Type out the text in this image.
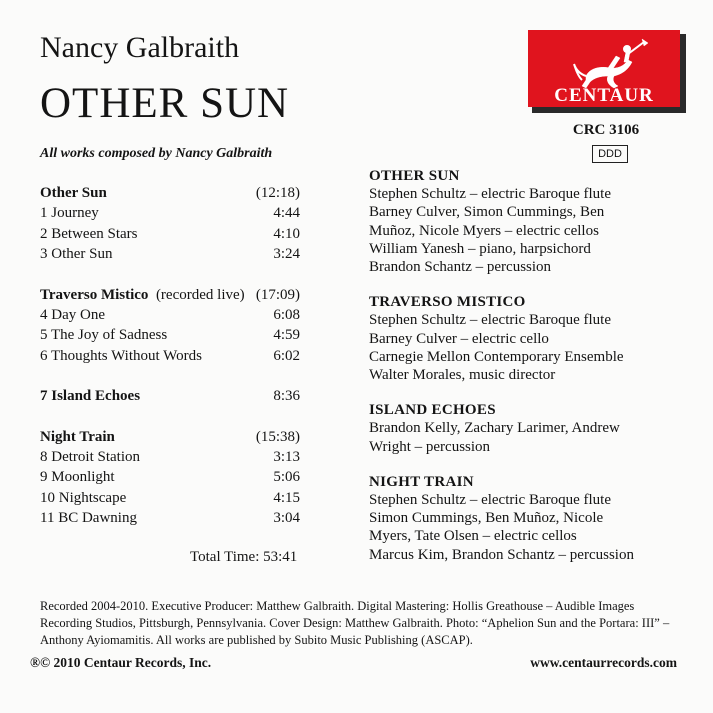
Nancy Galbraith
OTHER SUN
All works composed by Nancy Galbraith
CENTAUR
CRC 3106
DDD
Other Sun	(12:18)
1 Journey	4:44
2 Between Stars	4:10
3 Other Sun	3:24
Traverso Mistico (recorded live) (17:09)
4 Day One	6:08
5 The Joy of Sadness	4:59
6 Thoughts Without Words	6:02
7 Island Echoes	8:36
Night Train	(15:38)
8 Detroit Station	3:13
9 Moonlight	5:06
10 Nightscape	4:15
11 BC Dawning	3:04
Total Time: 53:41
OTHER SUN
Stephen Schultz – electric Baroque flute
Barney Culver, Simon Cummings, Ben
Muñoz, Nicole Myers – electric cellos
William Yanesh – piano, harpsichord
Brandon Schantz – percussion
TRAVERSO MISTICO
Stephen Schultz – electric Baroque flute
Barney Culver – electric cello
Carnegie Mellon Contemporary Ensemble
Walter Morales, music director
ISLAND ECHOES
Brandon Kelly, Zachary Larimer, Andrew
Wright – percussion
NIGHT TRAIN
Stephen Schultz – electric Baroque flute
Simon Cummings, Ben Muñoz, Nicole
Myers, Tate Olsen – electric cellos
Marcus Kim, Brandon Schantz – percussion
Recorded 2004-2010. Executive Producer: Matthew Galbraith. Digital Mastering: Hollis Greathouse – Audible Images
Recording Studios, Pittsburgh, Pennsylvania. Cover Design: Matthew Galbraith. Photo: “Aphelion Sun and the Portara: III” –
Anthony Ayiomamitis. All works are published by Subito Music Publishing (ASCAP).
®© 2010 Centaur Records, Inc.	www.centaurrecords.com
